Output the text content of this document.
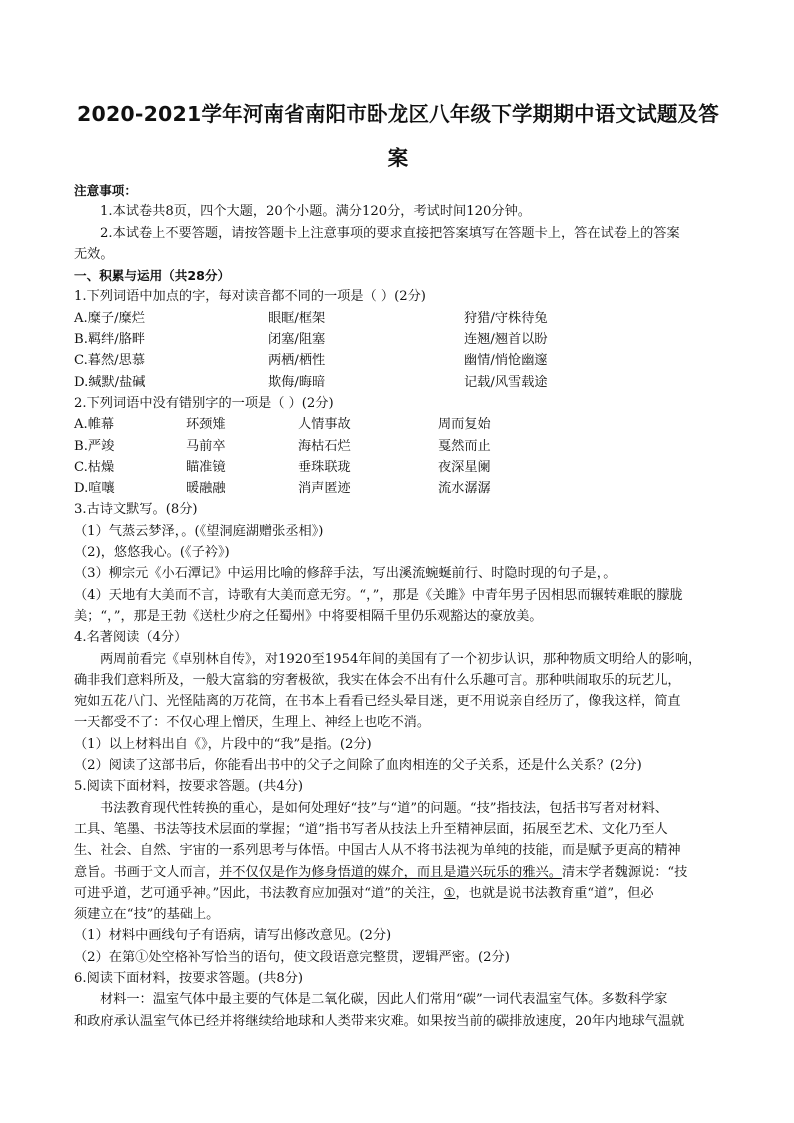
2020-2021学年河南省南阳市卧龙区八年级下学期期中语文试题及答
案
注意事项：
1.本试卷共8页，四个大题，20个小题。满分120分，考试时间120分钟。
2.本试卷上不要答题，请按答题卡上注意事项的要求直接把答案填写在答题卡上，答在试卷上的答案
无效。
一、积累与运用（共28分）
1.下列词语中加点的字，每对读音都不同的一项是（ ）(2分)
A.糜子/糜烂	眼眶/框架	狩猎/守株待兔
B.羁绊/胳畔	闭塞/阻塞	连翘/翘首以盼
C.暮然/思慕	两栖/栖性	幽情/悄怆幽邃
D.缄默/盐碱	欺侮/晦暗	记载/风雪载途
2.下列词语中没有错别字的一项是（ ）(2分)
A.帷幕	环颈雉	人情事故	周而复始
B.严竣	马前卒	海枯石烂	戛然而止
C.枯燥	瞄准镜	垂珠联珑	夜深星阑
D.喧嚷	暖融融	消声匿迹	流水潺潺
3.古诗文默写。(8分)
（1）气蒸云梦泽，。(《望洞庭湖赠张丞相》)
（2)，悠悠我心。(《子衿》)
（3）柳宗元《小石潭记》中运用比喻的修辞手法，写出溪流蜿蜒前行、时隐时现的句子是，。
（4）天地有大美而不言，诗歌有大美而意无穷。“，”，那是《关雎》中青年男子因相思而辗转难眠的朦胧
美；“，”，那是王勃《送杜少府之任蜀州》中将要相隔千里仍乐观豁达的豪放美。
4.名著阅读（4分）
两周前看完《卓别林自传》，对1920至1954年间的美国有了一个初步认识，那种物质文明给人的影响，
确非我们意料所及，一般大富翁的穷奢极欲，我实在体会不出有什么乐趣可言。那种哄闹取乐的玩艺儿，
宛如五花八门、光怪陆离的万花筒，在书本上看看已经头晕目迷，更不用说亲自经历了，像我这样，简直
一天都受不了：不仅心理上憎厌，生理上、神经上也吃不消。
（1）以上材料出自《》，片段中的“我”是指。(2分)
（2）阅读了这部书后，你能看出书中的父子之间除了血肉相连的父子关系，还是什么关系？(2分)
5.阅读下面材料，按要求答题。(共4分)
书法教育现代性转换的重心，是如何处理好“技”与“道”的问题。“技”指技法，包括书写者对材料、
工具、笔墨、书法等技术层面的掌握；“道”指书写者从技法上升至精神层面，拓展至艺术、文化乃至人
生、社会、自然、宇宙的一系列思考与体悟。中国古人从不将书法视为单纯的技能，而是赋予更高的精神
意旨。书画于文人而言，并不仅仅是作为修身悟道的媒介，而且是遣兴玩乐的雅兴。清末学者魏源说：“技
可进乎道，艺可通乎神。”因此，书法教育应加强对“道”的关注，①，也就是说书法教育重“道”，但必
须建立在“技”的基础上。
（1）材料中画线句子有语病，请写出修改意见。(2分)
（2）在第①处空格补写恰当的语句，使文段语意完整贯，逻辑严密。(2分)
6.阅读下面材料，按要求答题。(共8分)
材料一：温室气体中最主要的气体是二氧化碳，因此人们常用“碳”一词代表温室气体。多数科学家
和政府承认温室气体已经并将继续给地球和人类带来灾难。如果按当前的碳排放速度，20年内地球气温就
